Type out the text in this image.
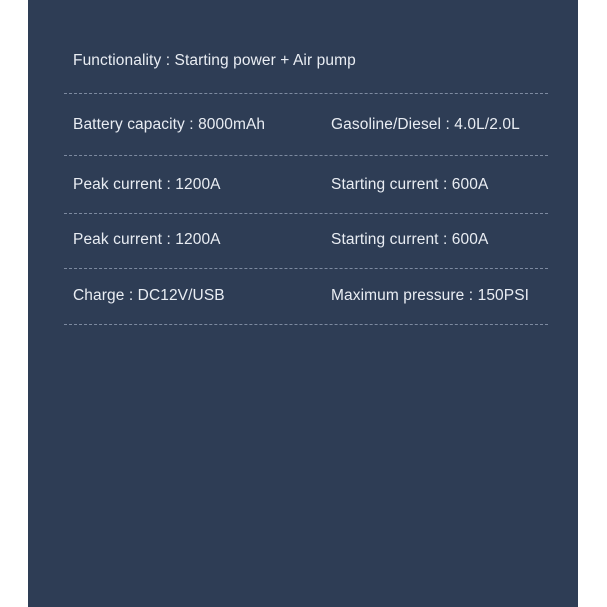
Functionality : Starting power + Air pump
Battery capacity : 8000mAh	Gasoline/Diesel : 4.0L/2.0L
Peak current : 1200A	Starting current : 600A
Peak current : 1200A	Starting current : 600A
Charge : DC12V/USB	Maximum pressure : 150PSI
